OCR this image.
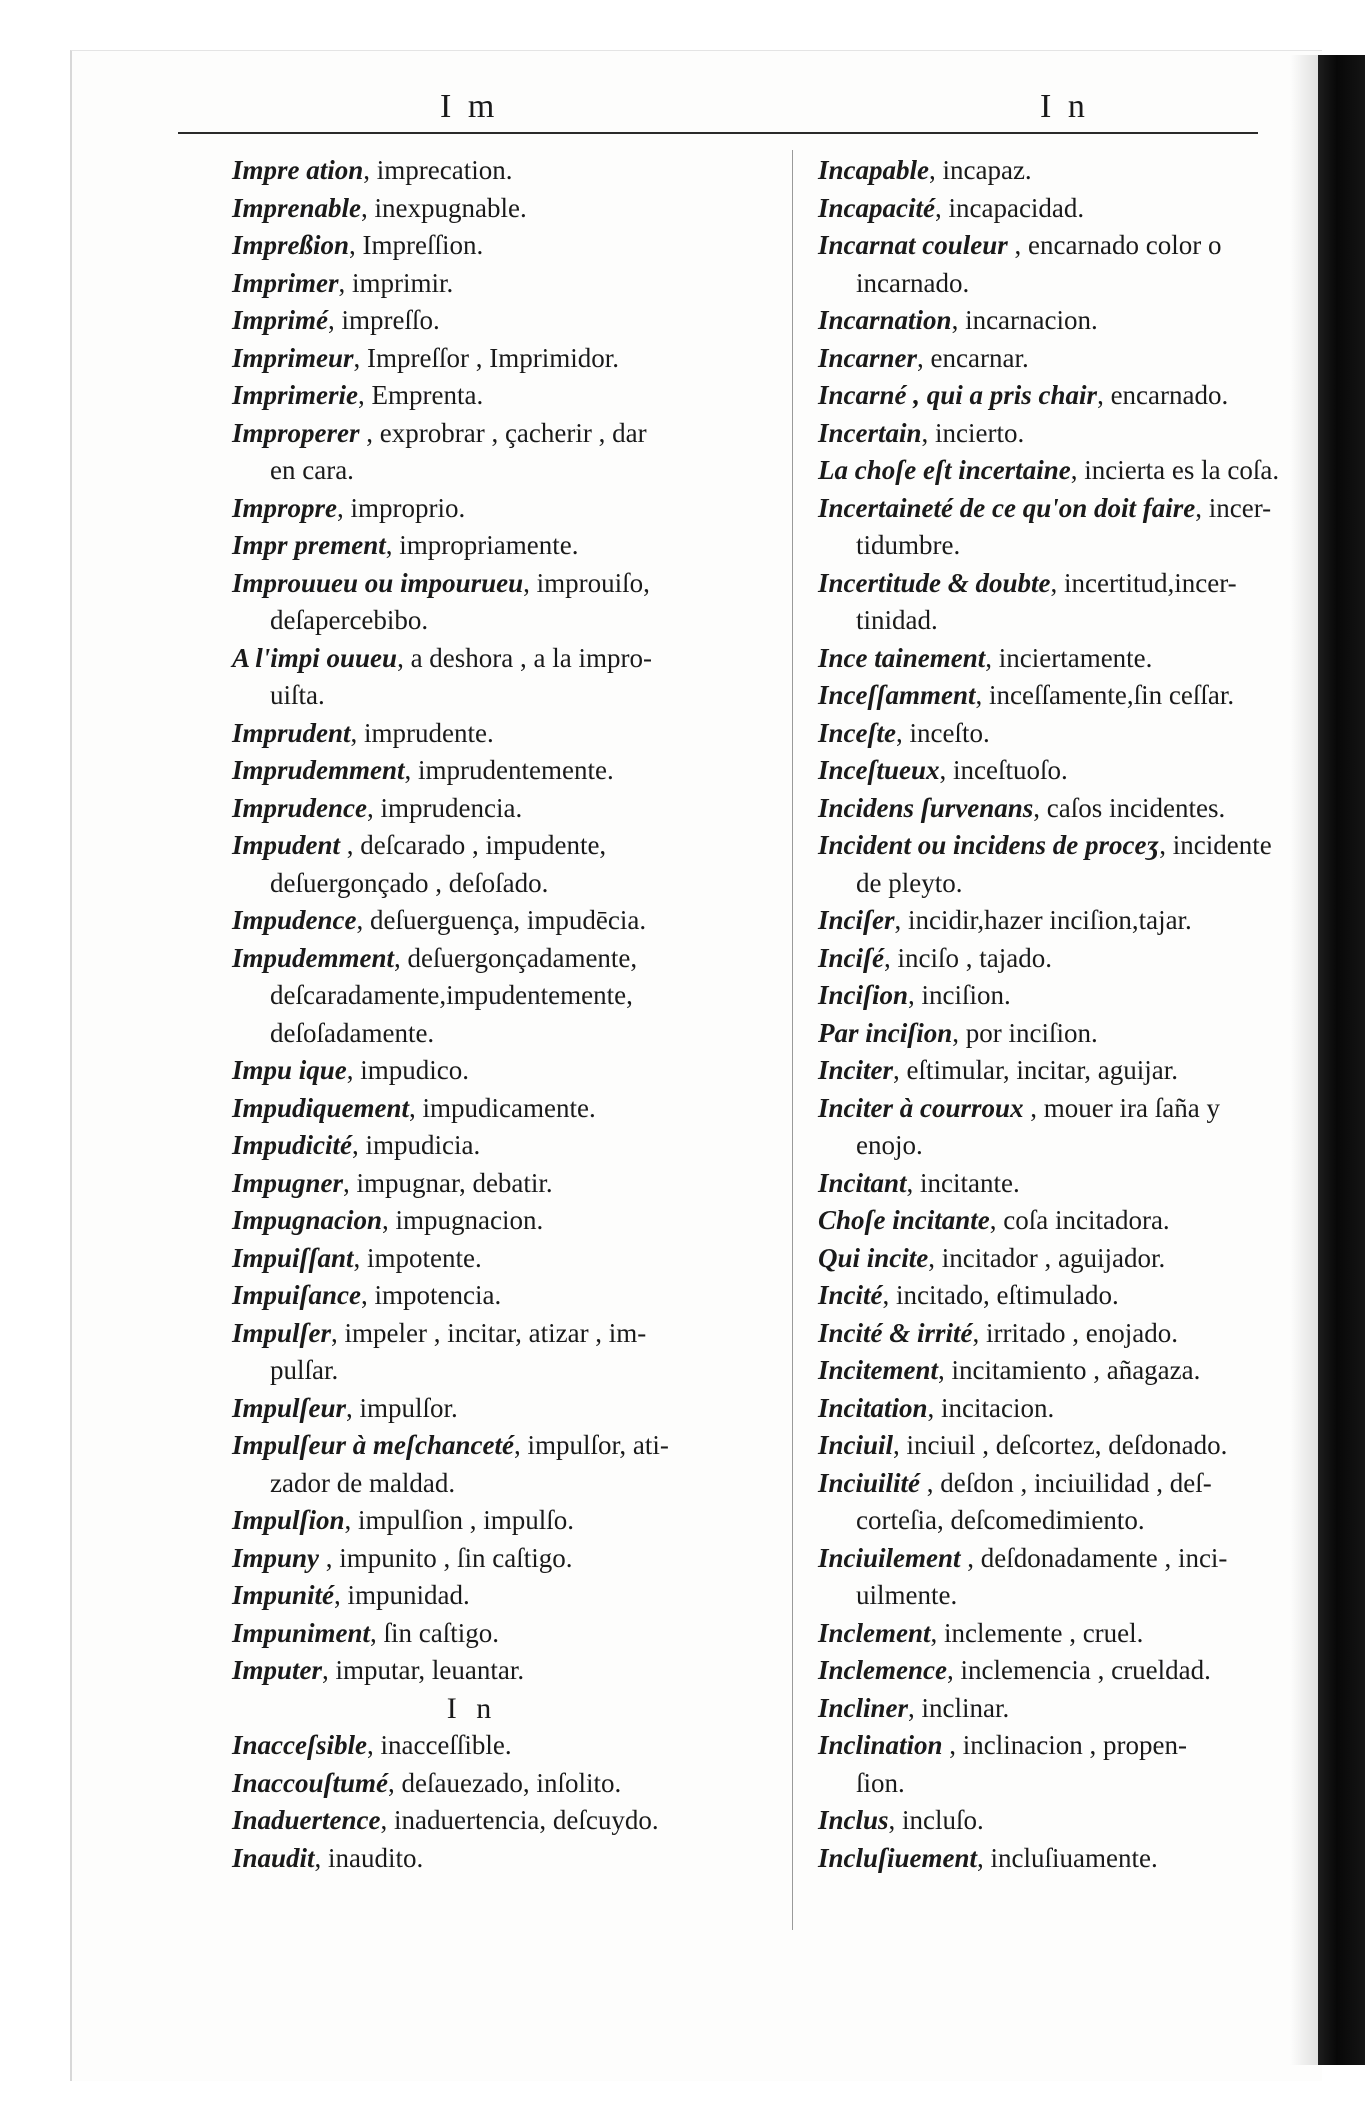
I m	I n
Impre ation, imprecation.
Imprenable, inexpugnable.
Impreßion, Impreſſion.
Imprimer, imprimir.
Imprimé, impreſſo.
Imprimeur, Impreſſor , Imprimidor.
Imprimerie, Emprenta.
Improperer , exprobrar , çacherir , dar
en cara.
Impropre, improprio.
Impr prement, impropriamente.
Improuueu ou impourueu, improuiſo,
deſapercebibo.
A l'impi ouueu, a deshora , a la impro-
uiſta.
Imprudent, imprudente.
Imprudemment, imprudentemente.
Imprudence, imprudencia.
Impudent , deſcarado , impudente,
deſuergonçado , deſoſado.
Impudence, deſuerguença, impudēcia.
Impudemment, deſuergonçadamente,
deſcaradamente,impudentemente,
deſoſadamente.
Impu ique, impudico.
Impudiquement, impudicamente.
Impudicité, impudicia.
Impugner, impugnar, debatir.
Impugnacion, impugnacion.
Impuiſſant, impotente.
Impuiſance, impotencia.
Impulſer, impeler , incitar, atizar , im-
pulſar.
Impulſeur, impulſor.
Impulſeur à meſchanceté, impulſor, ati-
zador de maldad.
Impulſion, impulſion , impulſo.
Impuny , impunito , ſin caſtigo.
Impunité, impunidad.
Impuniment, ſin caſtigo.
Imputer, imputar, leuantar.
I n
Inacceſsible, inacceſſible.
Inaccouſtumé, deſauezado, inſolito.
Inaduertence, inaduertencia, deſcuydo.
Inaudit, inaudito.
Incapable, incapaz.
Incapacité, incapacidad.
Incarnat couleur , encarnado color o
incarnado.
Incarnation, incarnacion.
Incarner, encarnar.
Incarné , qui a pris chair, encarnado.
Incertain, incierto.
La choſe eſt incertaine, incierta es la coſa.
Incertaineté de ce qu'on doit faire, incer-
tidumbre.
Incertitude & doubte, incertitud,incer-
tinidad.
Ince tainement, inciertamente.
Inceſſamment, inceſſamente,ſin ceſſar.
Inceſte, inceſto.
Inceſtueux, inceſtuoſo.
Incidens ſurvenans, caſos incidentes.
Incident ou incidens de proceʒ, incidente
de pleyto.
Inciſer, incidir,hazer inciſion,tajar.
Inciſé, inciſo , tajado.
Inciſion, inciſion.
Par inciſion, por inciſion.
Inciter, eſtimular, incitar, aguijar.
Inciter à courroux , mouer ira ſaña y
enojo.
Incitant, incitante.
Choſe incitante, coſa incitadora.
Qui incite, incitador , aguijador.
Incité, incitado, eſtimulado.
Incité & irrité, irritado , enojado.
Incitement, incitamiento , añagaza.
Incitation, incitacion.
Inciuil, inciuil , deſcortez, deſdonado.
Inciuilité , deſdon , inciuilidad , deſ-
corteſia, deſcomedimiento.
Inciuilement , deſdonadamente , inci-
uilmente.
Inclement, inclemente , cruel.
Inclemence, inclemencia , crueldad.
Incliner, inclinar.
Inclination , inclinacion , propen-
ſion.
Inclus, incluſo.
Incluſiuement, incluſiuamente.
